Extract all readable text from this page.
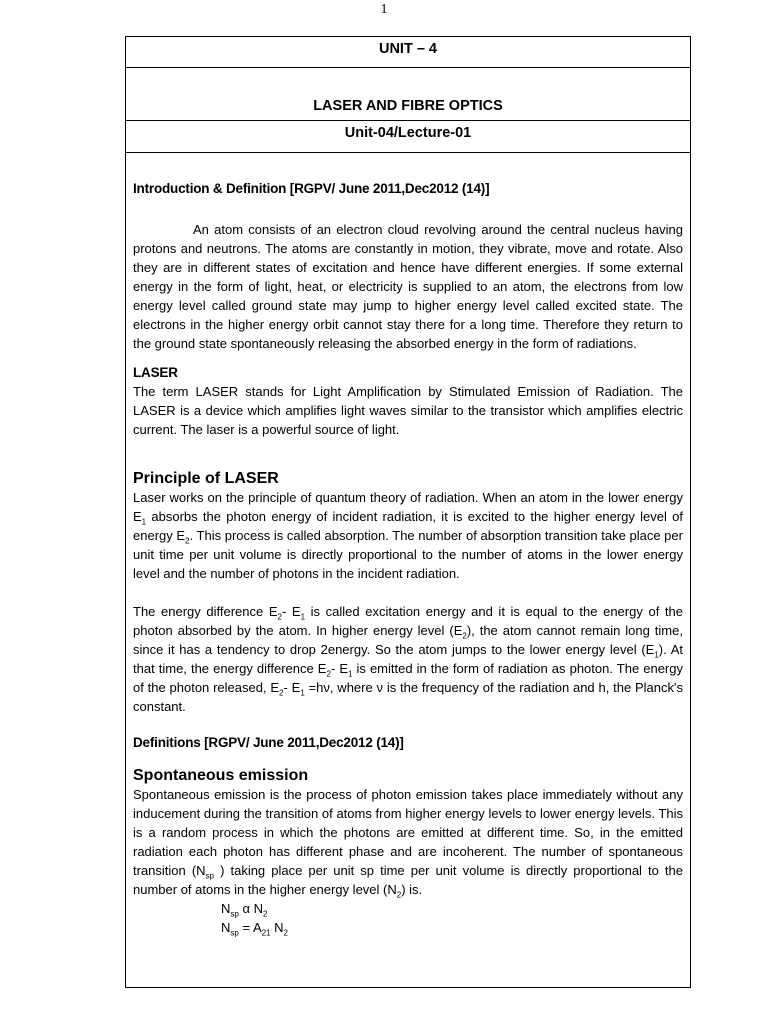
1
UNIT – 4
LASER AND FIBRE OPTICS
Unit-04/Lecture-01
Introduction & Definition [RGPV/ June 2011,Dec2012 (14)]

An atom consists of an electron cloud revolving around the central nucleus having protons and neutrons. The atoms are constantly in motion, they vibrate, move and rotate. Also they are in different states of excitation and hence have different energies. If some external energy in the form of light, heat, or electricity is supplied to an atom, the electrons from low energy level called ground state may jump to higher energy level called excited state. The electrons in the higher energy orbit cannot stay there for a long time. Therefore they return to the ground state spontaneously releasing the absorbed energy in the form of radiations.

LASER

The term LASER stands for Light Amplification by Stimulated Emission of Radiation. The LASER is a device which amplifies light waves similar to the transistor which amplifies electric current. The laser is a powerful source of light.

Principle of LASER

Laser works on the principle of quantum theory of radiation. When an atom in the lower energy $E_1$ absorbs the photon energy of incident radiation, it is excited to the higher energy level of energy $E_2$. This process is called absorption. The number of absorption transition take place per unit time per unit volume is directly proportional to the number of atoms in the lower energy level and the number of photons in the incident radiation.

The energy difference $E_2-$ $E_1$ is called excitation energy and it is equal to the energy of the photon absorbed by the atom. In higher energy level $(E_2)$, the atom cannot remain long time, since it has a tendency to drop 2energy. So the atom jumps to the lower energy level $(E_1)$. At that time, the energy difference $E_2-$ $E_1$ is emitted in the form of radiation as photon. The energy of the photon released, $E_2-$ $E_1 =h\nu$, where ν is the frequency of the radiation and h, the Planck's constant.

Definitions [RGPV/ June 2011,Dec2012 (14)]
Spontaneous emission

Spontaneous emission is the process of photon emission takes place immediately without any inducement during the transition of atoms from higher energy levels to lower energy levels. This is a random process in which the photons are emitted at different time. So, in the emitted radiation each photon has different phase and are incoherent. The number of spontaneous transition ($N_{sp}$ ) taking place per unit sp time per unit volume is directly proportional to the number of atoms in the higher energy level $(N_2)$ is.

$N_{sp}$ α $N_2$

$N_{sp} = A_{21}$ $N_2$
